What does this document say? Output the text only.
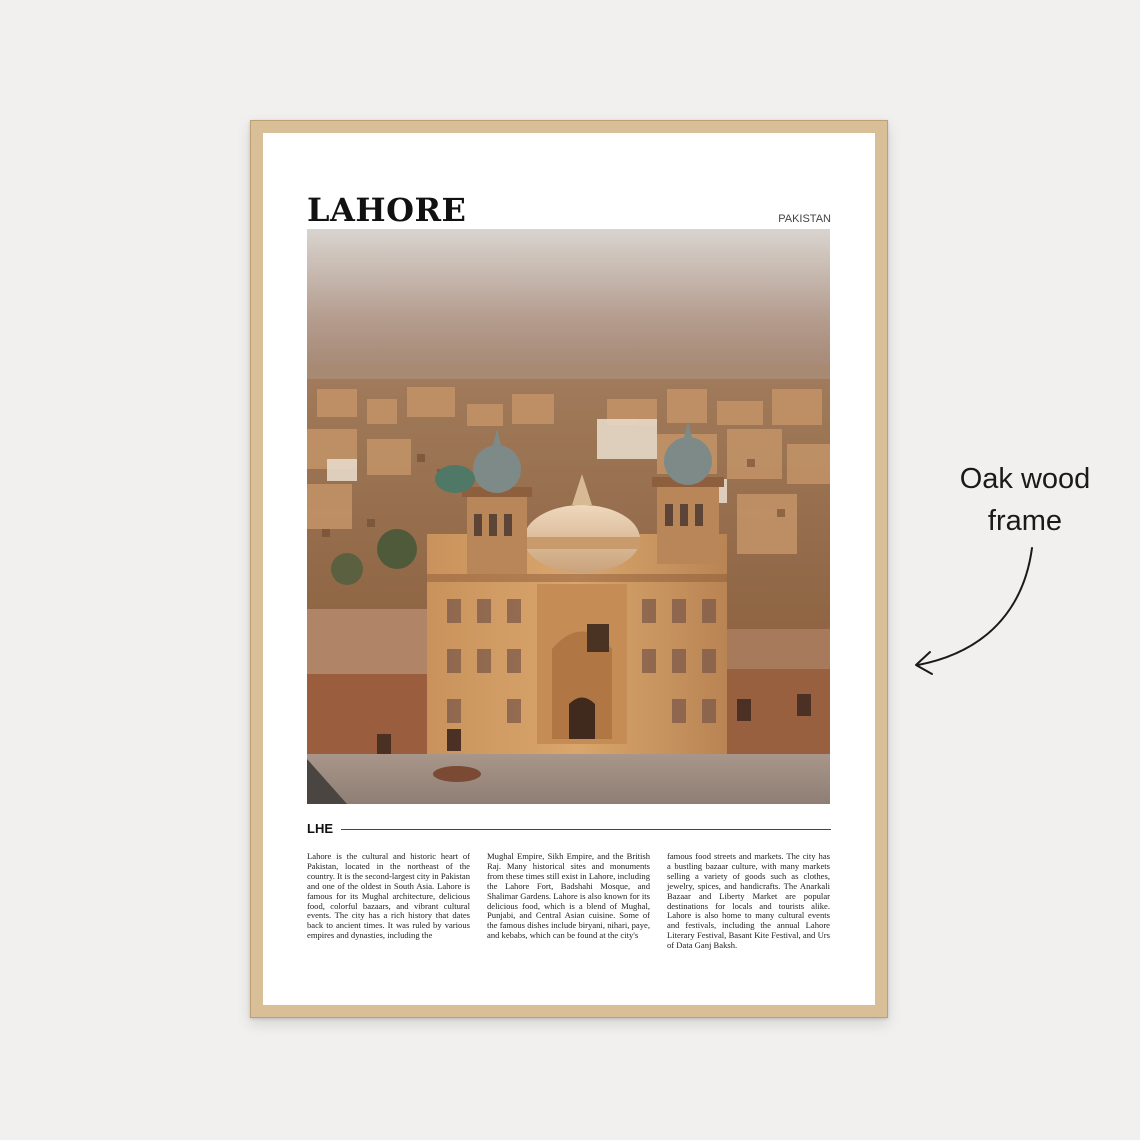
LAHORE	PAKISTAN
LHE

Lahore is the cultural and historic heart of Pakistan, located in the northeast of the country. It is the second-largest city in Pakistan and one of the oldest in South Asia. Lahore is famous for its Mughal architecture, delicious food, colorful bazaars, and vibrant cultural events. The city has a rich history that dates back to ancient times. It was ruled by various empires and dynasties, including the

Mughal Empire, Sikh Empire, and the British Raj. Many historical sites and monuments from these times still exist in Lahore, including the Lahore Fort, Badshahi Mosque, and Shalimar Gardens. Lahore is also known for its delicious food, which is a blend of Mughal, Punjabi, and Central Asian cuisine. Some of the famous dishes include biryani, nihari, paye, and kebabs, which can be found at the city's

famous food streets and markets. The city has a bustling bazaar culture, with many markets selling a variety of goods such as clothes, jewelry, spices, and handicrafts. The Anarkali Bazaar and Liberty Market are popular destinations for locals and tourists alike. Lahore is also home to many cultural events and festivals, including the annual Lahore Literary Festival, Basant Kite Festival, and Urs of Data Ganj Baksh.

Oak wood
frame
